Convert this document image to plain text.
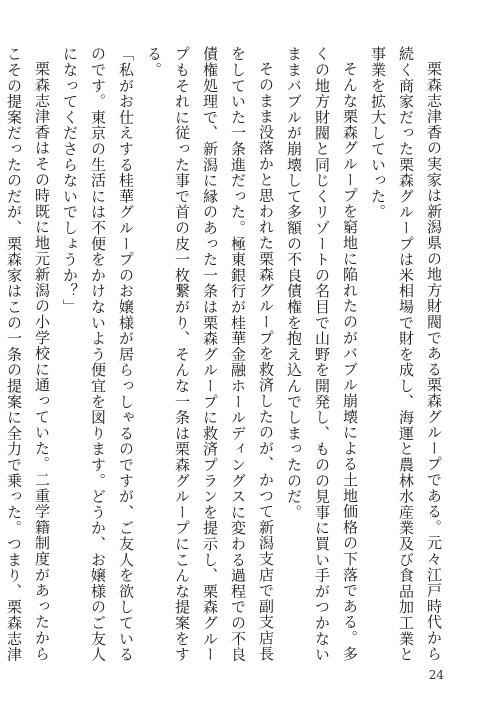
栗森志津香の実家は新潟県の地方財閥である栗森グループである。元々江戸時代から続く商家だった栗森グループは米相場で財を成し、海運と農林水産業及び食品加工業と事業を拡大していった。

そんな栗森グループを窮地に陥れたのがバブル崩壊による土地価格の下落である。多くの地方財閥と同じくリゾートの名目で山野を開発し、ものの見事に買い手がつかないままバブルが崩壊して多額の不良債権を抱え込んでしまったのだ。

そのまま没落かと思われた栗森グループを救済したのが、かつて新潟支店で副支店長をしていた一条進だった。極東銀行が桂華金融ホールディングスに変わる過程での不良債権処理で、新潟に縁のあった一条は栗森グループに救済プランを提示し、栗森グループもそれに従った事で首の皮一枚繋がり、そんな一条は栗森グループにこんな提案をする。

「私がお仕えする桂華グループのお嬢様が居らっしゃるのですが、ご友人を欲しているのです。東京の生活には不便をかけないよう便宜を図ります。どうか、お嬢様のご友人になってくださらないでしょうか？」

栗森志津香はその時既に地元新潟の小学校に通っていた。二重学籍制度があったからこその提案だったのだが、栗森家はこの一条の提案に全力で乗った。つまり、栗森志津

24
